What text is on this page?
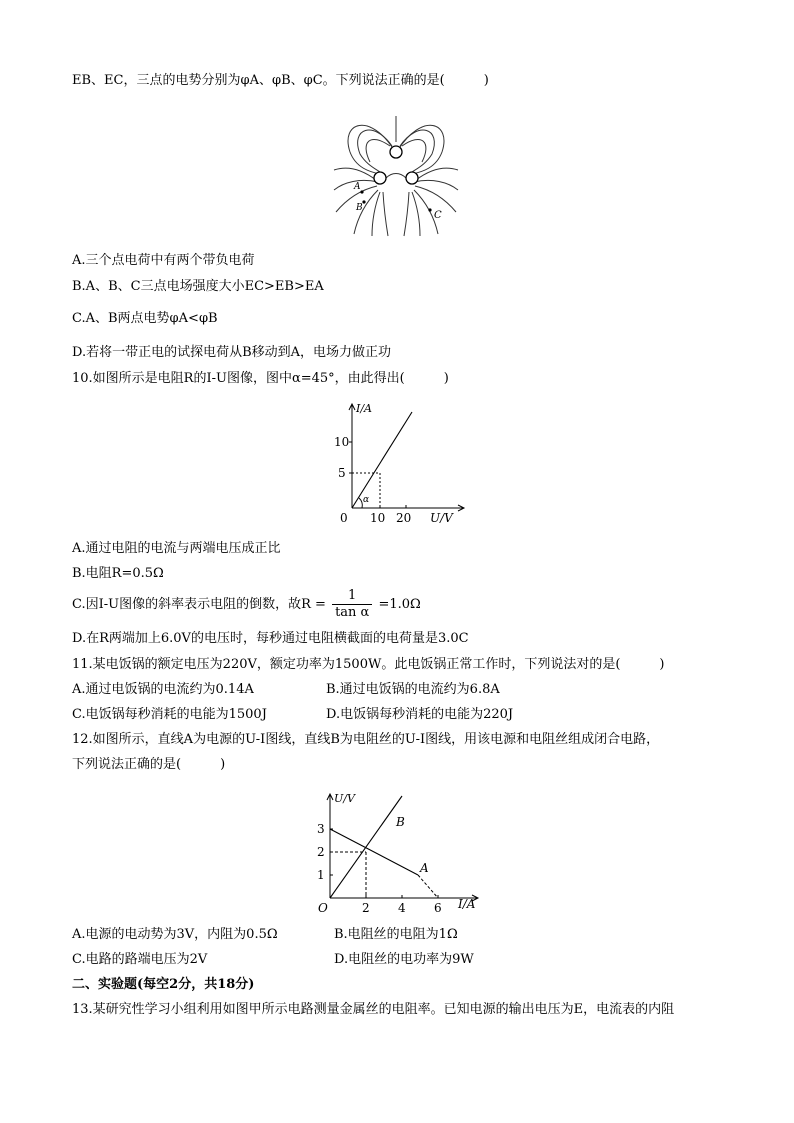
EB、EC，三点的电势分别为φA、φB、φC。下列说法正确的是(　　　)
A
B
C
A.三个点电荷中有两个带负电荷
B.A、B、C三点电场强度大小EC>EB>EA
C.A、B两点电势φA<φB
D.若将一带正电的试探电荷从B移动到A，电场力做正功
10.如图所示是电阻R的I-U图像，图中α=45°，由此得出(　　　)
I/A
U/V
0
10
5
10 20
α
A.通过电阻的电流与两端电压成正比
B.电阻R=0.5Ω
C.因I-U图像的斜率表示电阻的倒数，故$R = \frac{1}{\text{tan α}} =1.0\Omega$
D.在R两端加上6.0V的电压时，每秒通过电阻横截面的电荷量是3.0C
11.某电饭锅的额定电压为220V，额定功率为1500W。此电饭锅正常工作时，下列说法对的是(　　　)
A.通过电饭锅的电流约为0.14A	B.通过电饭锅的电流约为6.8A
C.电饭锅每秒消耗的电能为1500J	D.电饭锅每秒消耗的电能为220J
12.如图所示，直线A为电源的U-I图线，直线B为电阻丝的U-I图线，用该电源和电阻丝组成闭合电路，
下列说法正确的是(　　　)
U/V
I/A
O
3
2
1
2 4 6
A
B
A.电源的电动势为3V，内阻为0.5Ω	B.电阻丝的电阻为1Ω
C.电路的路端电压为2V	D.电阻丝的电功率为9W
二、实验题(每空2分，共18分)
13.某研究性学习小组利用如图甲所示电路测量金属丝的电阻率。已知电源的输出电压为E，电流表的内阻
